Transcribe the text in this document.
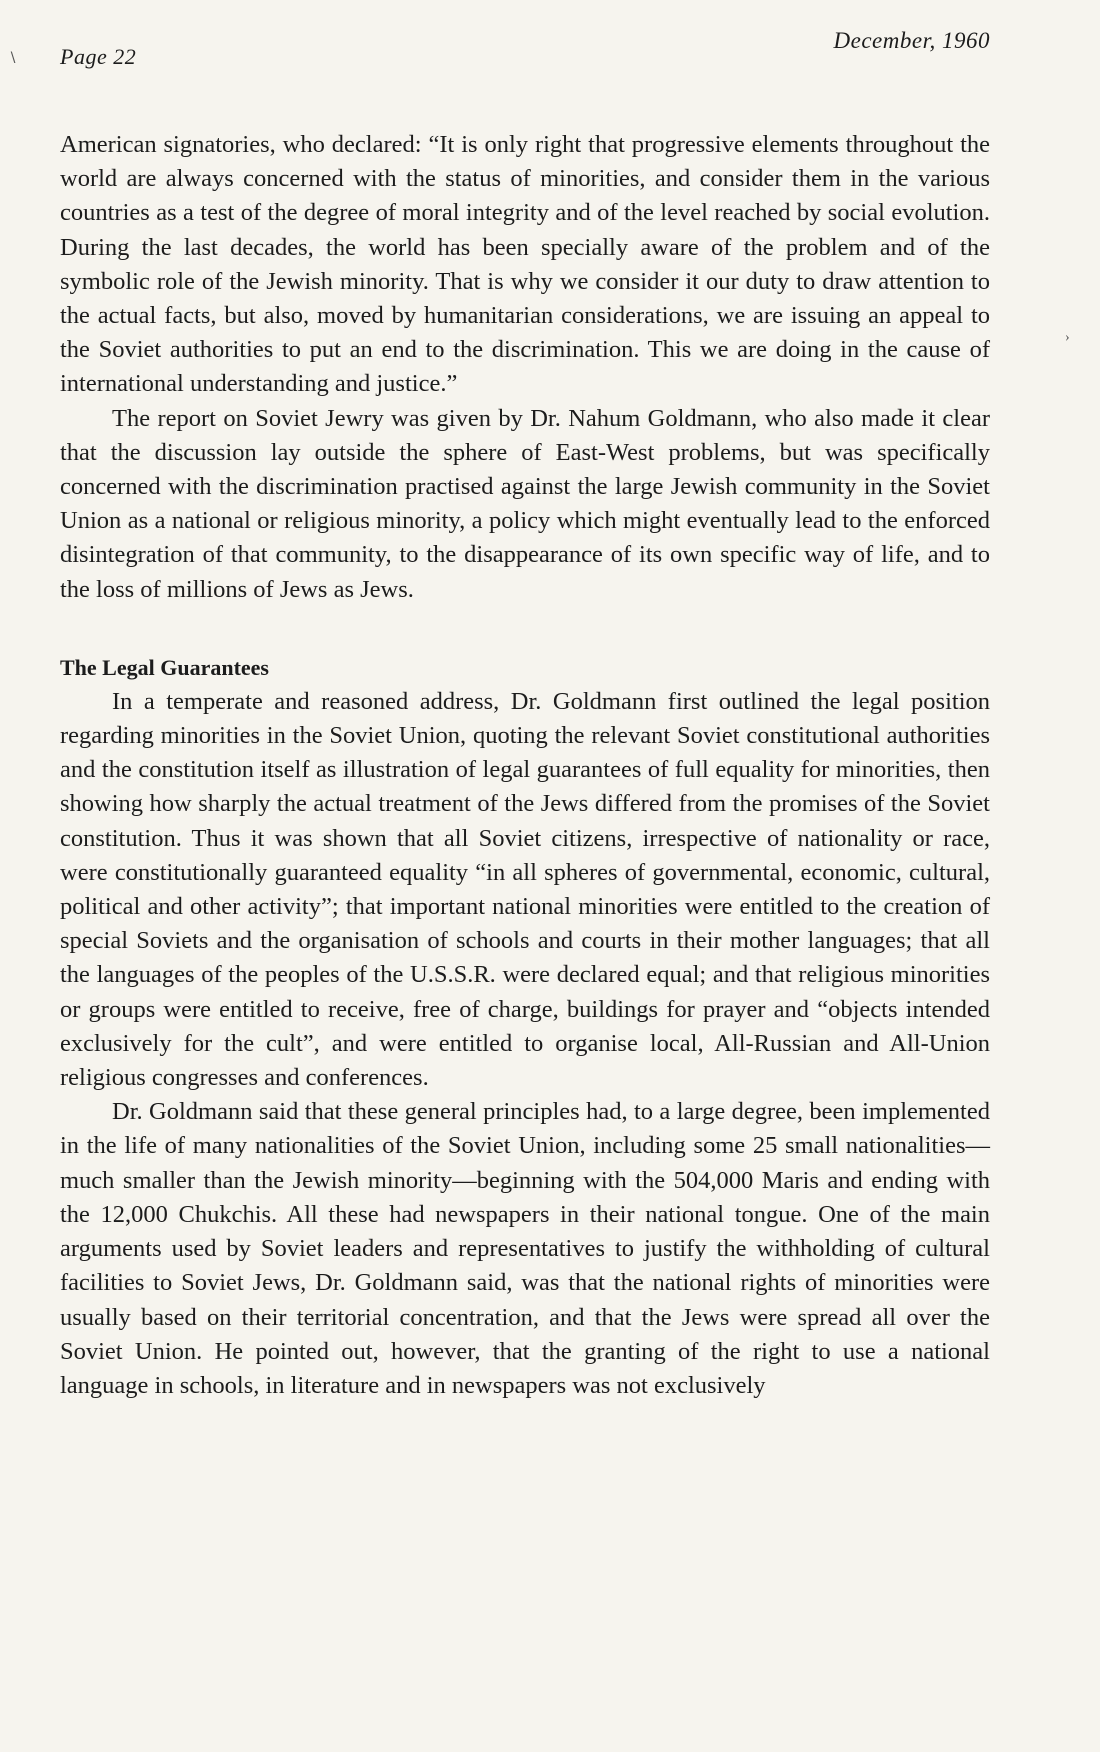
Page 22
December, 1960

American signatories, who declared: “It is only right that progressive elements throughout the world are always concerned with the status of minorities, and consider them in the various countries as a test of the degree of moral integrity and of the level reached by social evolution. During the last decades, the world has been specially aware of the problem and of the symbolic role of the Jewish minority. That is why we consider it our duty to draw attention to the actual facts, but also, moved by humanitarian considerations, we are issuing an appeal to the Soviet authorities to put an end to the discrimination. This we are doing in the cause of international understanding and justice.”

The report on Soviet Jewry was given by Dr. Nahum Goldmann, who also made it clear that the discussion lay outside the sphere of East-West problems, but was specifically concerned with the discrimination practised against the large Jewish community in the Soviet Union as a national or religious minority, a policy which might eventually lead to the enforced disintegration of that community, to the disappearance of its own specific way of life, and to the loss of millions of Jews as Jews.

The Legal Guarantees

In a temperate and reasoned address, Dr. Goldmann first outlined the legal position regarding minorities in the Soviet Union, quoting the relevant Soviet constitutional authorities and the constitution itself as illustration of legal guarantees of full equality for minorities, then showing how sharply the actual treatment of the Jews differed from the promises of the Soviet constitution. Thus it was shown that all Soviet citizens, irrespective of nationality or race, were constitutionally guaranteed equality “in all spheres of governmental, economic, cultural, political and other activity”; that important national minorities were entitled to the creation of special Soviets and the organisation of schools and courts in their mother languages; that all the languages of the peoples of the U.S.S.R. were declared equal; and that religious minorities or groups were entitled to receive, free of charge, buildings for prayer and “objects intended exclusively for the cult”, and were entitled to organise local, All-Russian and All-Union religious congresses and conferences.

Dr. Goldmann said that these general principles had, to a large degree, been implemented in the life of many nationalities of the Soviet Union, including some 25 small nationalities—much smaller than the Jewish minority—beginning with the 504,000 Maris and ending with the 12,000 Chukchis. All these had newspapers in their national tongue. One of the main arguments used by Soviet leaders and representatives to justify the withholding of cultural facilities to Soviet Jews, Dr. Goldmann said, was that the national rights of minorities were usually based on their territorial concentration, and that the Jews were spread all over the Soviet Union. He pointed out, however, that the granting of the right to use a national language in schools, in literature and in newspapers was not exclusively

∖
›
